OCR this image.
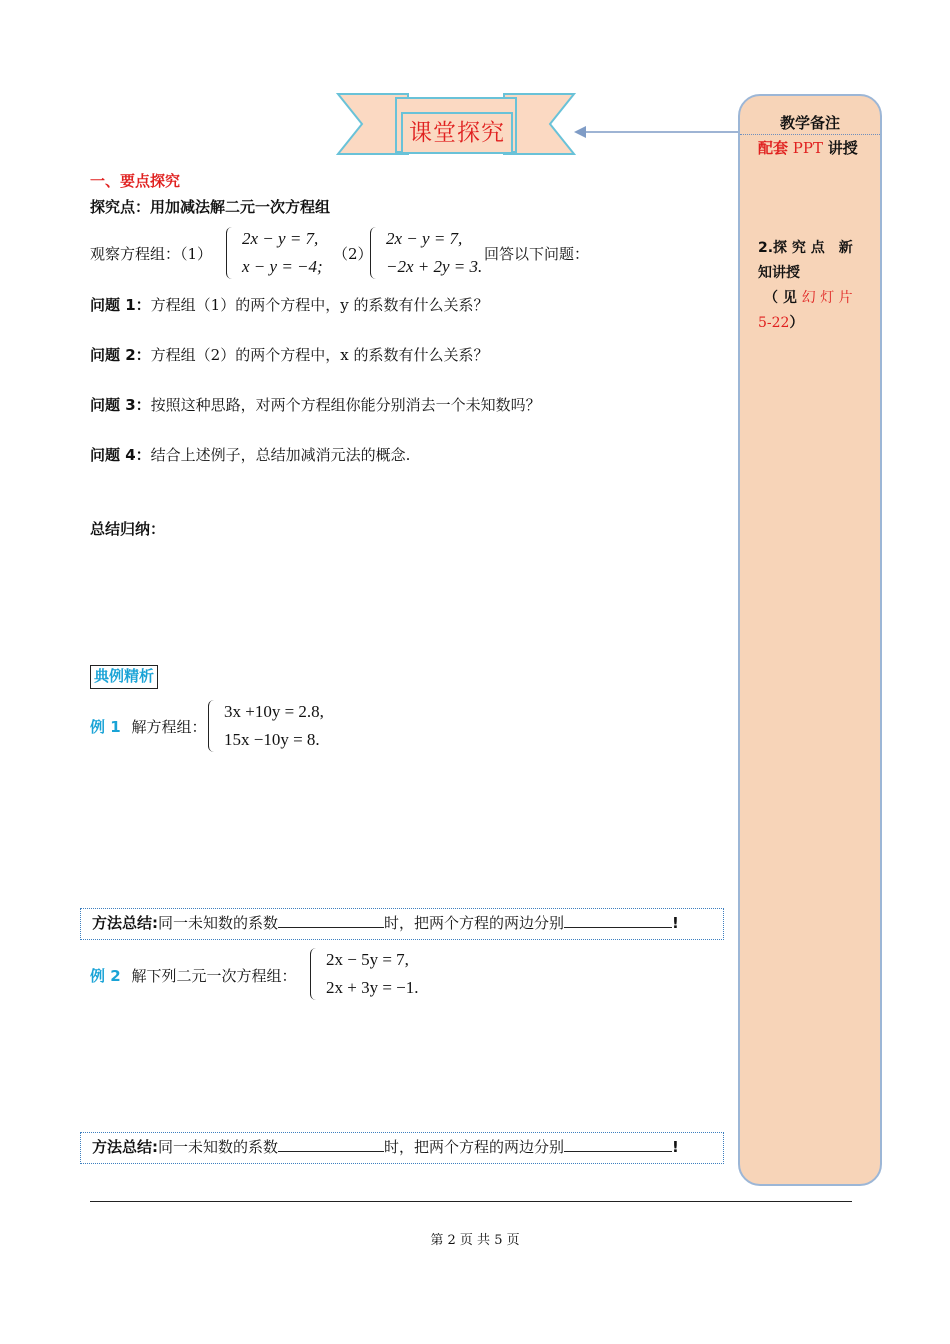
课堂探究	教学备注
配套 PPT 讲授
2.探 究 点　新
知讲授
（ 见 幻 灯 片
5-22）
一、要点探究
探究点：用加减法解二元一次方程组
观察方程组：（1）
2x − y = 7,
x − y = −4;
（2）
2x − y = 7,
−2x + 2y = 3.
回答以下问题：
问题 1：方程组（1）的两个方程中，y 的系数有什么关系？
问题 2：方程组（2）的两个方程中，x 的系数有什么关系？
问题 3：按照这种思路，对两个方程组你能分别消去一个未知数吗？
问题 4：结合上述例子，总结加减消元法的概念.
总结归纳：
典例精析
例 1 解方程组：
3x +10y = 2.8,
15x −10y = 8.
方法总结:同一未知数的系数	时，把两个方程的两边分别	!
例 2 解下列二元一次方程组：
2x − 5y = 7,
2x + 3y = −1.
方法总结:同一未知数的系数	时，把两个方程的两边分别	!
第 2 页 共 5 页
